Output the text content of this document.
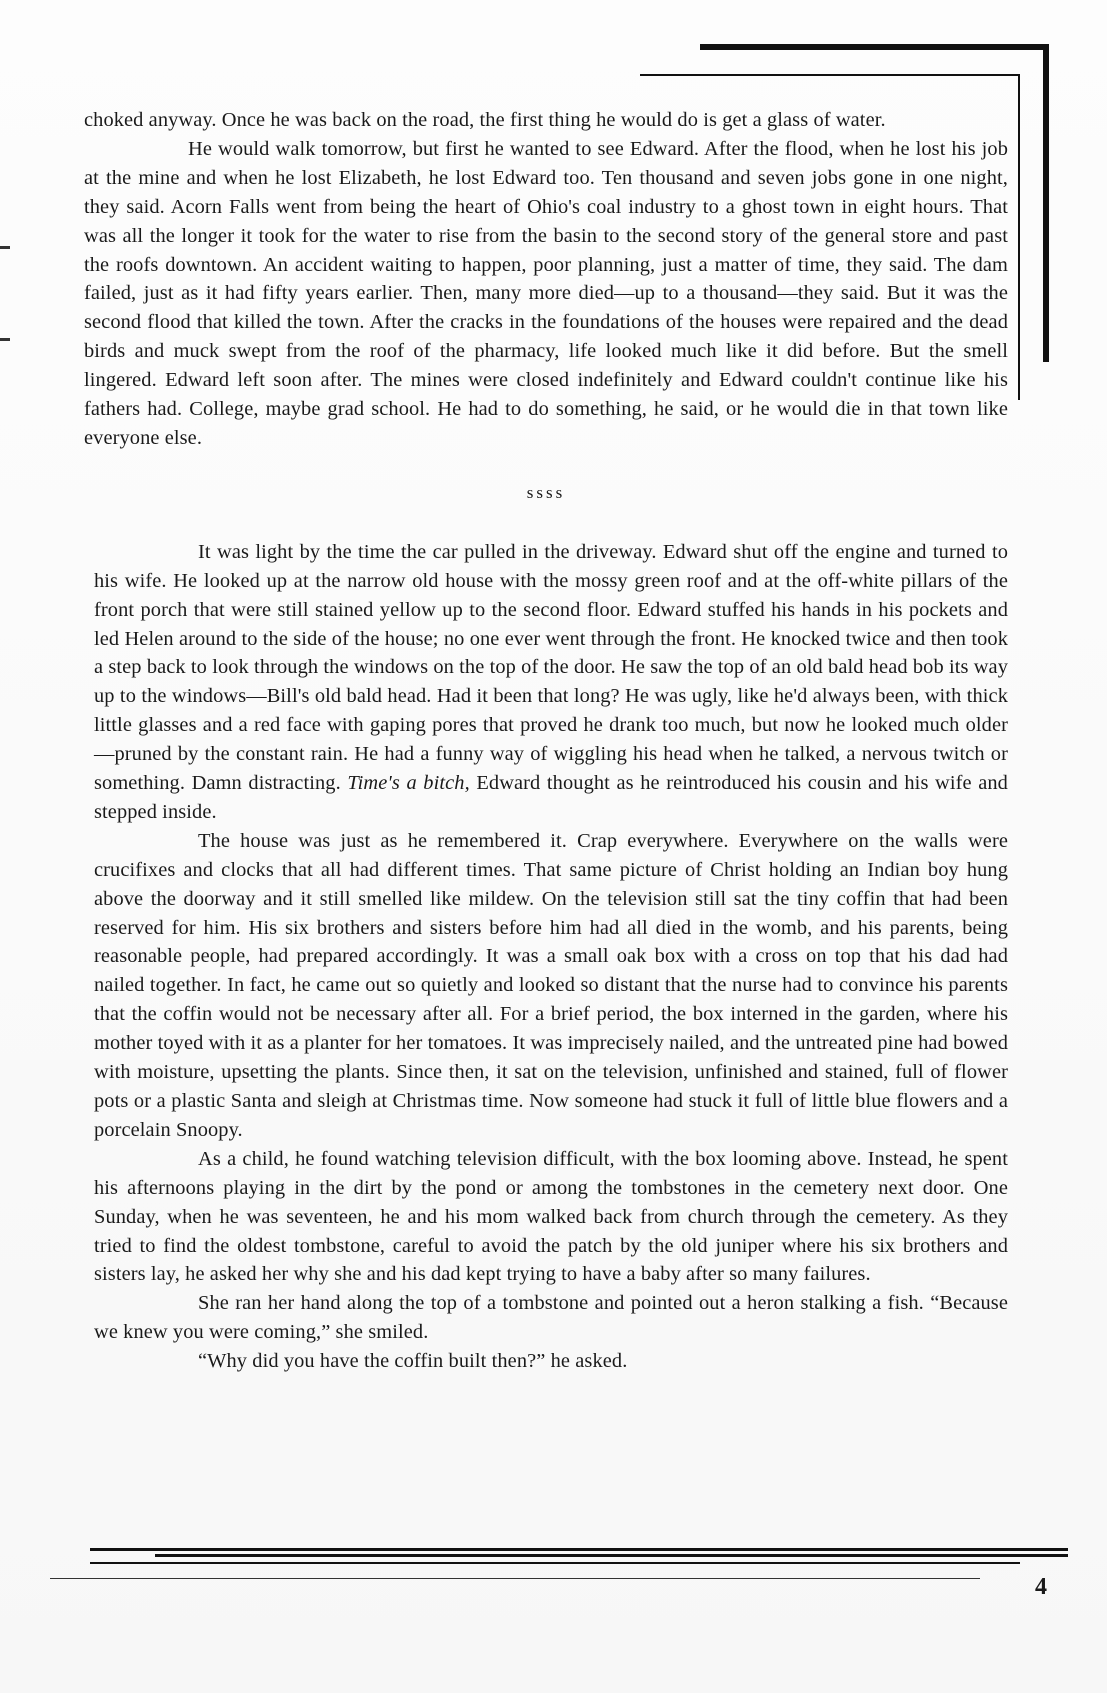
choked anyway. Once he was back on the road, the first thing he would do is get a glass of water.

He would walk tomorrow, but first he wanted to see Edward. After the flood, when he lost his job at the mine and when he lost Elizabeth, he lost Edward too. Ten thousand and seven jobs gone in one night, they said. Acorn Falls went from being the heart of Ohio's coal industry to a ghost town in eight hours. That was all the longer it took for the water to rise from the basin to the second story of the general store and past the roofs downtown. An accident waiting to happen, poor planning, just a matter of time, they said. The dam failed, just as it had fifty years earlier. Then, many more died—up to a thousand—they said. But it was the second flood that killed the town. After the cracks in the foundations of the houses were repaired and the dead birds and muck swept from the roof of the pharmacy, life looked much like it did before. But the smell lingered. Edward left soon after. The mines were closed indefinitely and Edward couldn't continue like his fathers had. College, maybe grad school. He had to do something, he said, or he would die in that town like everyone else.

ssss

It was light by the time the car pulled in the driveway. Edward shut off the engine and turned to his wife. He looked up at the narrow old house with the mossy green roof and at the off-white pillars of the front porch that were still stained yellow up to the second floor. Edward stuffed his hands in his pockets and led Helen around to the side of the house; no one ever went through the front. He knocked twice and then took a step back to look through the windows on the top of the door. He saw the top of an old bald head bob its way up to the windows—Bill's old bald head. Had it been that long? He was ugly, like he'd always been, with thick little glasses and a red face with gaping pores that proved he drank too much, but now he looked much older—pruned by the constant rain. He had a funny way of wiggling his head when he talked, a nervous twitch or something. Damn distracting. Time's a bitch, Edward thought as he reintroduced his cousin and his wife and stepped inside.

The house was just as he remembered it. Crap everywhere. Everywhere on the walls were crucifixes and clocks that all had different times. That same picture of Christ holding an Indian boy hung above the doorway and it still smelled like mildew. On the television still sat the tiny coffin that had been reserved for him. His six brothers and sisters before him had all died in the womb, and his parents, being reasonable people, had prepared accordingly. It was a small oak box with a cross on top that his dad had nailed together. In fact, he came out so quietly and looked so distant that the nurse had to convince his parents that the coffin would not be necessary after all. For a brief period, the box interned in the garden, where his mother toyed with it as a planter for her tomatoes. It was imprecisely nailed, and the untreated pine had bowed with moisture, upsetting the plants. Since then, it sat on the television, unfinished and stained, full of flower pots or a plastic Santa and sleigh at Christmas time. Now someone had stuck it full of little blue flowers and a porcelain Snoopy.

As a child, he found watching television difficult, with the box looming above. Instead, he spent his afternoons playing in the dirt by the pond or among the tombstones in the cemetery next door. One Sunday, when he was seventeen, he and his mom walked back from church through the cemetery. As they tried to find the oldest tombstone, careful to avoid the patch by the old juniper where his six brothers and sisters lay, he asked her why she and his dad kept trying to have a baby after so many failures.

She ran her hand along the top of a tombstone and pointed out a heron stalking a fish. “Because we knew you were coming,” she smiled.

“Why did you have the coffin built then?” he asked.

4
